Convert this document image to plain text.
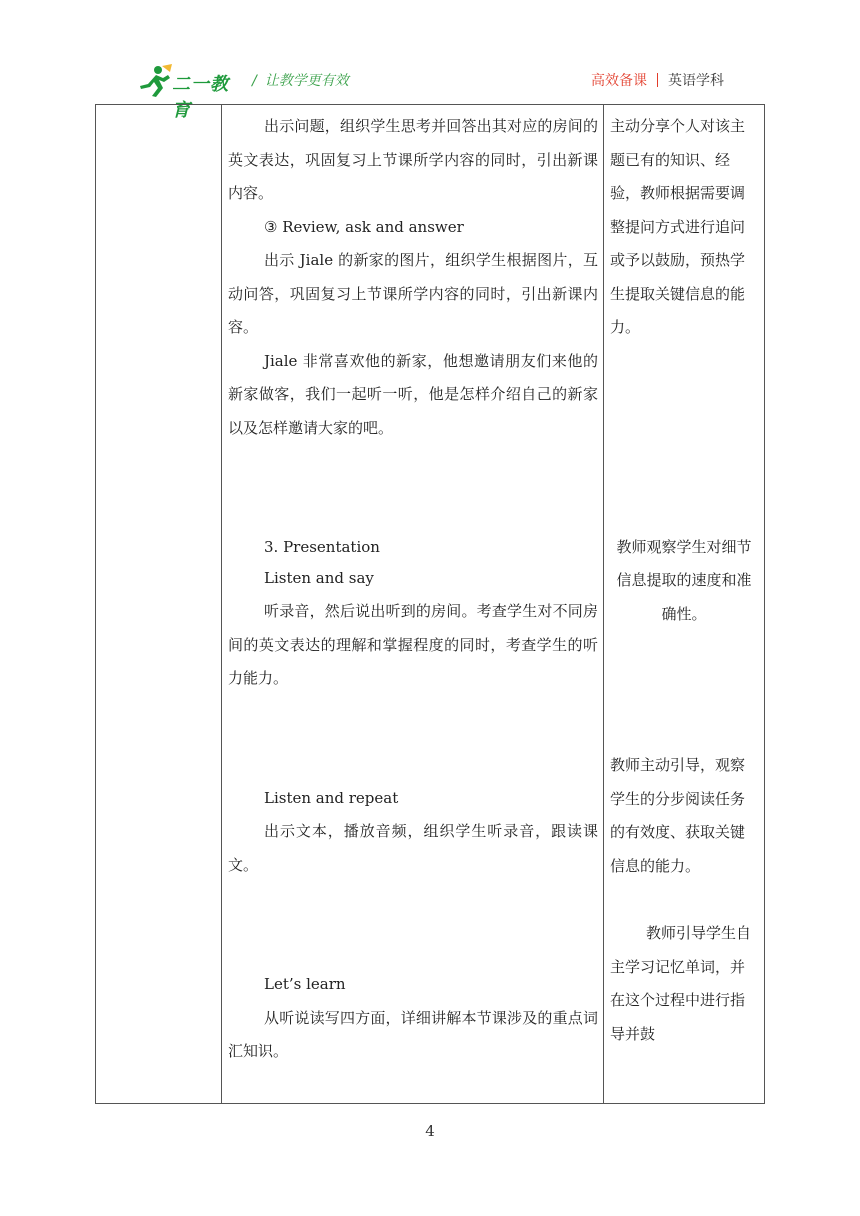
二一教育
/ 让教学更有效	高效备课 英语学科

出示问题，组织学生思考并回答出其对应的房间的英文表达，巩固复习上节课所学内容的同时，引出新课内容。

③ Review, ask and answer

出示 Jiale 的新家的图片，组织学生根据图片，互动问答，巩固复习上节课所学内容的同时，引出新课内容。

Jiale 非常喜欢他的新家，他想邀请朋友们来他的新家做客，我们一起听一听，他是怎样介绍自己的新家以及怎样邀请大家的吧。

3. Presentation

Listen and say

听录音，然后说出听到的房间。考查学生对不同房间的英文表达的理解和掌握程度的同时，考查学生的听力能力。

Listen and repeat

出示文本，播放音频，组织学生听录音，跟读课文。

Let’s learn

从听说读写四方面，详细讲解本节课涉及的重点词汇知识。

主动分享个人对该主题已有的知识、经验，教师根据需要调整提问方式进行追问或予以鼓励，预热学生提取关键信息的能力。

教师观察学生对细节信息提取的速度和准确性。

教师主动引导，观察学生的分步阅读任务的有效度、获取关键信息的能力。

教师引导学生自主学习记忆单词，并在这个过程中进行指导并鼓

4
